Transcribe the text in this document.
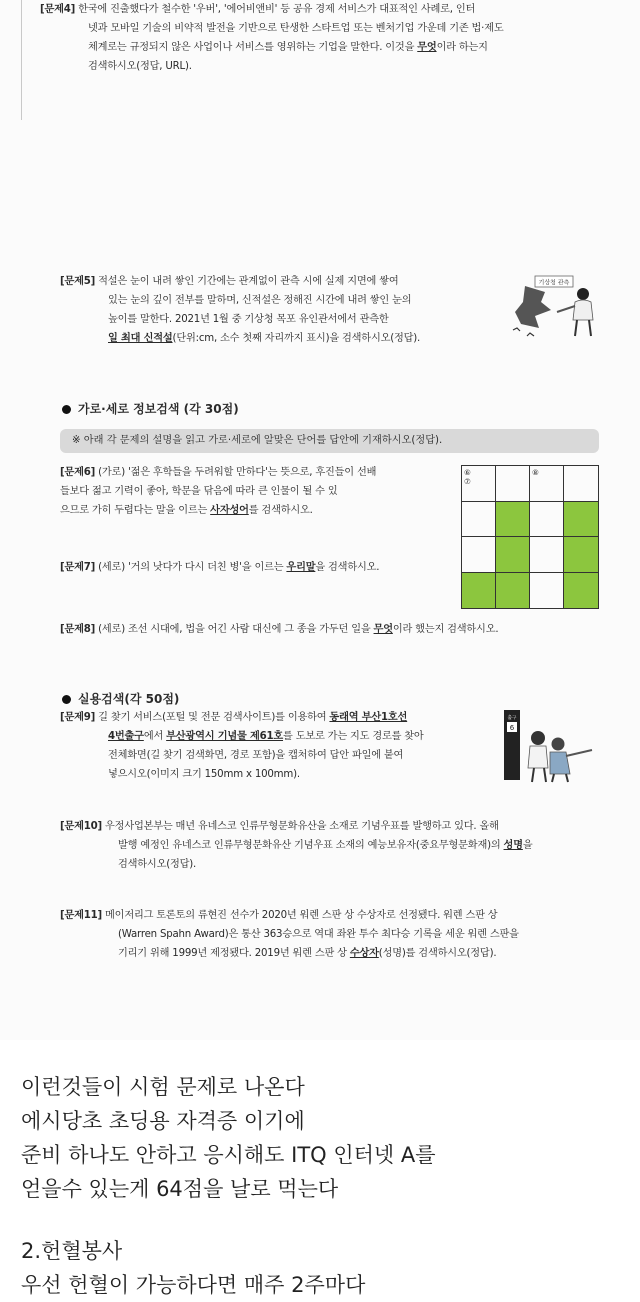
[문제4] 한국에 진출했다가 철수한 '우버', '에어비앤비' 등 공유 경제 서비스가 대표적인 사례로, 인터
넷과 모바일 기술의 비약적 발전을 기반으로 탄생한 스타트업 또는 벤처기업 가운데 기존 법·제도
체계로는 규정되지 않은 사업이나 서비스를 영위하는 기업을 말한다. 이것을 무엇이라 하는지
검색하시오(정답, URL).
[문제5] 적설은 눈이 내려 쌓인 기간에는 관계없이 관측 시에 실제 지면에 쌓여
있는 눈의 깊이 전부를 말하며, 신적설은 정해진 시간에 내려 쌓인 눈의
높이를 말한다. 2021년 1월 중 기상청 목포 유인관서에서 관측한
일 최대 신적설(단위:cm, 소수 첫째 자리까지 표시)을 검색하시오(정답).
기상청 관측
가로·세로 정보검색 (각 30점)
※ 아래 각 문제의 설명을 읽고 가로·세로에 알맞은 단어를 답안에 기재하시오(정답).
[문제6] (가로) '젊은 후학들을 두려워할 만하다'는 뜻으로, 후진들이 선배
들보다 젊고 기력이 좋아, 학문을 닦음에 따라 큰 인물이 될 수 있
으므로 가히 두렵다는 말을 이르는 사자성어를 검색하시오.
⑥
⑦
⑧
[문제7] (세로) '거의 낫다가 다시 더친 병'을 이르는 우리말을 검색하시오.
[문제8] (세로) 조선 시대에, 법을 어긴 사람 대신에 그 종을 가두던 일을 무엇이라 했는지 검색하시오.
실용검색(각 50점)
[문제9] 길 찾기 서비스(포털 및 전문 검색사이트)를 이용하여 동래역 부산1호선
4번출구에서 부산광역시 기념물 제61호를 도보로 가는 지도 경로를 찾아
전체화면(길 찾기 검색화면, 경로 포함)을 캡처하여 답안 파일에 붙여
넣으시오(이미지 크기 150mm x 100mm).
출구
6
[문제10] 우정사업본부는 매년 유네스코 인류무형문화유산을 소재로 기념우표를 발행하고 있다. 올해
발행 예정인 유네스코 인류무형문화유산 기념우표 소재의 예능보유자(중요무형문화재)의 성명을
검색하시오(정답).
[문제11] 메이저리그 토론토의 류현진 선수가 2020년 워렌 스판 상 수상자로 선정됐다. 워렌 스판 상
(Warren Spahn Award)은 통산 363승으로 역대 좌완 투수 최다승 기록을 세운 워렌 스판을
기리기 위해 1999년 제정됐다. 2019년 워렌 스판 상 수상자(성명)를 검색하시오(정답).

이런것들이 시험 문제로 나온다

에시당초 초딩용 자격증 이기에

준비 하나도 안하고 응시해도 ITQ 인터넷 A를

얻을수 있는게 64점을 날로 먹는다

2.헌혈봉사

우선 헌혈이 가능하다면 매주 2주마다
